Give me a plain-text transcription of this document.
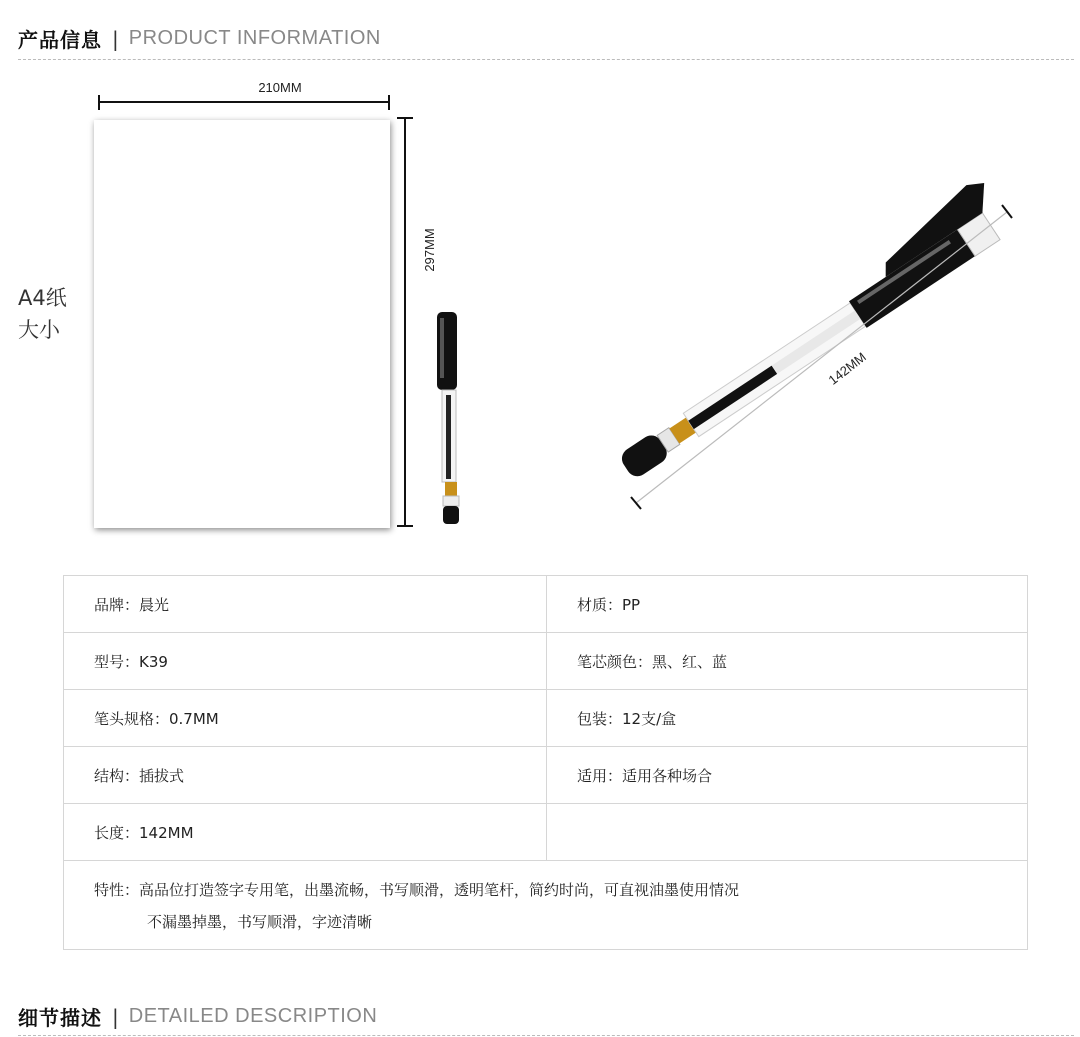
产品信息 | PRODUCT INFORMATION
A4纸
大小
210MM
297MM
142MM
品牌：晨光	材质：PP
型号：K39	笔芯颜色：黑、红、蓝
笔头规格：0.7MM	包装：12支/盒
结构：插拔式	适用：适用各种场合
长度：142MM	

特性：高品位打造签字专用笔，出墨流畅，书写顺滑，透明笔杆，简约时尚，可直视油墨使用情况
不漏墨掉墨，书写顺滑，字迹清晰	
细节描述 | DETAILED DESCRIPTION
